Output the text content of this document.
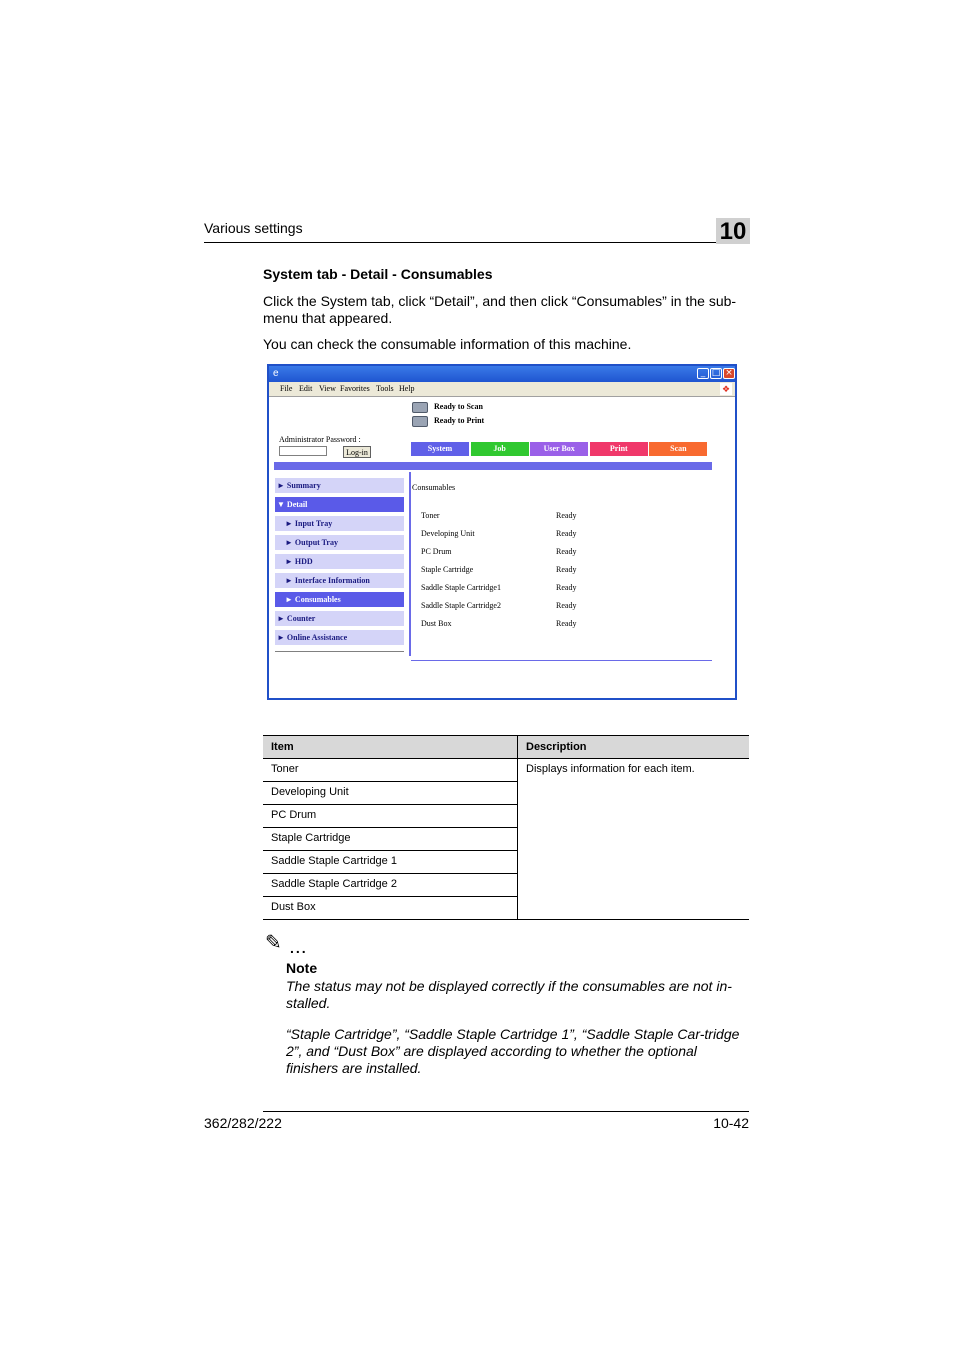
Various settings	10
System tab - Detail - Consumables
Click the System tab, click “Detail”, and then click “Consumables” in the sub-menu that appeared.
You can check the consumable information of this machine.
e	_ □ ×
File Edit View Favorites Tools Help	❖
Ready to Scan
Ready to Print
Administrator Password :
Log-in	System	Job	User Box	Print	Scan
► Summary
▼ Detail
► Input Tray
► Output Tray
► HDD
► Interface Information
► Consumables
► Counter
► Online Assistance
Consumables
Toner	Ready
Developing Unit	Ready
PC Drum	Ready
Staple Cartridge	Ready
Saddle Staple Cartridge1	Ready
Saddle Staple Cartridge2	Ready
Dust Box	Ready
Item	Description
Toner	Displays information for each item.
Developing Unit	
PC Drum	
Staple Cartridge	
Saddle Staple Cartridge 1	
Saddle Staple Cartridge 2	
Dust Box	
✎ ...
Note
The status may not be displayed correctly if the consumables are not in-stalled.
“Staple Cartridge”, “Saddle Staple Cartridge 1”, “Saddle Staple Car-tridge 2”, and “Dust Box” are displayed according to whether the optional finishers are installed.
362/282/222	10-42
